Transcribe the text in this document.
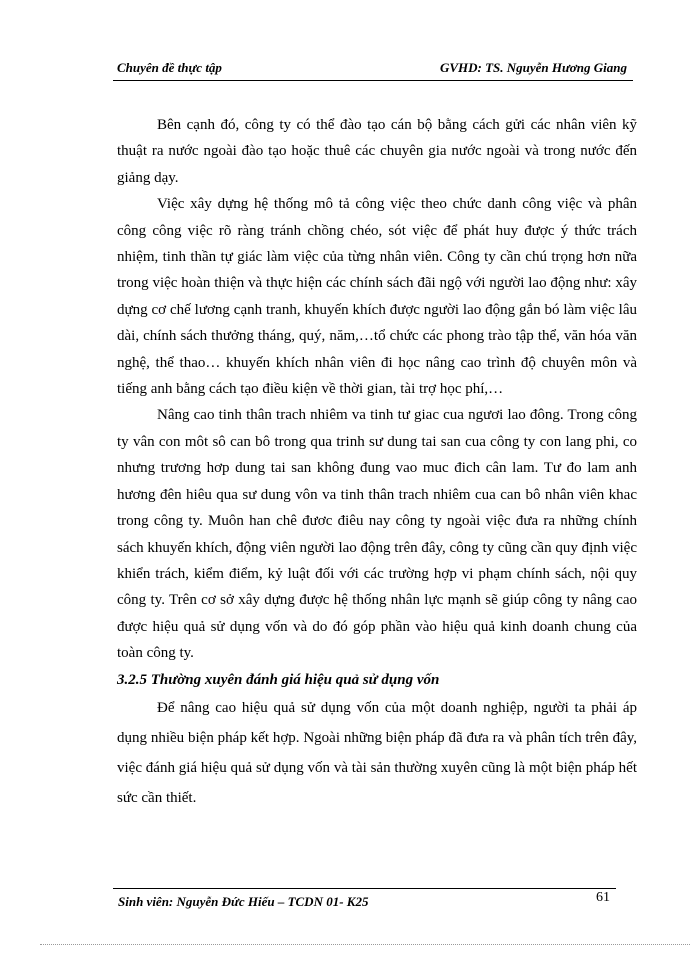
Chuyên đề thực tập	GVHD: TS. Nguyễn Hương Giang

Bên cạnh đó, công ty có thể đào tạo cán bộ bằng cách gửi các nhân viên kỹ thuật ra nước ngoài đào tạo hoặc thuê các chuyên gia nước ngoài và trong nước đến giảng dạy.

Việc xây dựng hệ thống mô tả công việc theo chức danh công việc và phân công công việc rõ ràng tránh chồng chéo, sót việc để phát huy được ý thức trách nhiệm, tinh thần tự giác làm việc của từng nhân viên. Công ty cần chú trọng hơn nữa trong việc hoàn thiện và thực hiện các chính sách đãi ngộ với người lao động như: xây dựng cơ chế lương cạnh tranh, khuyến khích được người lao động gắn bó làm việc lâu dài, chính sách thưởng tháng, quý, năm,…tổ chức các phong trào tập thể, văn hóa văn nghệ, thể thao… khuyến khích nhân viên đi học nâng cao trình độ chuyên môn và tiếng anh bằng cách tạo điều kiện về thời gian, tài trợ học phí,…

Nâng cao tinh thân trach nhiêm va tinh tư giac cua ngươi lao đông. Trong công ty vân con môt sô can bô trong qua trinh sư dung tai san cua công ty con lang phi, co nhưng trương hơp dung tai san không đung vao muc đich cân lam. Tư đo lam anh hương đên hiêu qua sư dung vôn va tinh thân trach nhiêm cua can bô nhân viên khac trong công ty. Muôn han chê đươc điêu nay công ty ngoài việc đưa ra những chính sách khuyến khích, động viên người lao động trên đây, công ty cũng cần quy định việc khiển trách, kiểm điểm, kỷ luật đối với các trường hợp vi phạm chính sách, nội quy công ty. Trên cơ sở xây dựng được hệ thống nhân lực mạnh sẽ giúp công ty nâng cao được hiệu quả sử dụng vốn và do đó góp phần vào hiệu quả kinh doanh chung của toàn công ty.

3.2.5 Thường xuyên đánh giá hiệu quả sử dụng vốn

Để nâng cao hiệu quả sử dụng vốn của một doanh nghiệp, người ta phải áp dụng nhiều biện pháp kết hợp. Ngoài những biện pháp đã đưa ra và phân tích trên đây, việc đánh giá hiệu quả sử dụng vốn và tài sản thường xuyên cũng là một biện pháp hết sức cần thiết.

Sinh viên: Nguyễn Đức Hiếu – TCDN 01- K25	61
